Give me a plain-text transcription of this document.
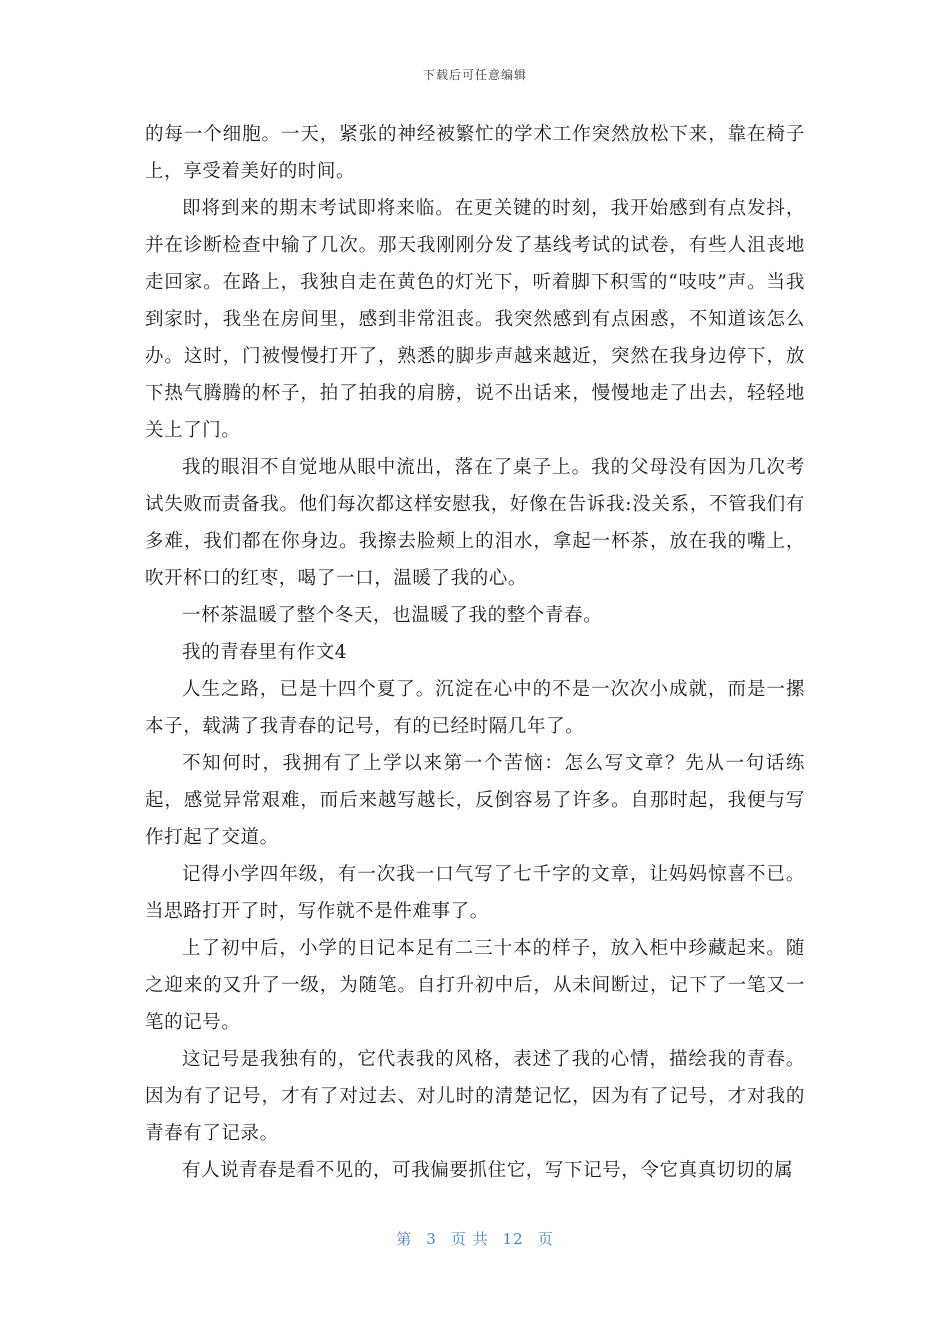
下载后可任意编辑

的每一个细胞。一天，紧张的神经被繁忙的学术工作突然放松下来，靠在椅子上，享受着美好的时间。

即将到来的期末考试即将来临。在更关键的时刻，我开始感到有点发抖，并在诊断检查中输了几次。那天我刚刚分发了基线考试的试卷，有些人沮丧地走回家。在路上，我独自走在黄色的灯光下，听着脚下积雪的“吱吱”声。当我到家时，我坐在房间里，感到非常沮丧。我突然感到有点困惑，不知道该怎么办。这时，门被慢慢打开了，熟悉的脚步声越来越近，突然在我身边停下，放下热气腾腾的杯子，拍了拍我的肩膀，说不出话来，慢慢地走了出去，轻轻地关上了门。

我的眼泪不自觉地从眼中流出，落在了桌子上。我的父母没有因为几次考试失败而责备我。他们每次都这样安慰我，好像在告诉我:没关系，不管我们有多难，我们都在你身边。我擦去脸颊上的泪水，拿起一杯茶，放在我的嘴上，吹开杯口的红枣，喝了一口，温暖了我的心。

一杯茶温暖了整个冬天，也温暖了我的整个青春。

我的青春里有作文4

人生之路，已是十四个夏了。沉淀在心中的不是一次次小成就，而是一摞本子，载满了我青春的记号，有的已经时隔几年了。

不知何时，我拥有了上学以来第一个苦恼：怎么写文章？先从一句话练起，感觉异常艰难，而后来越写越长，反倒容易了许多。自那时起，我便与写作打起了交道。

记得小学四年级，有一次我一口气写了七千字的文章，让妈妈惊喜不已。当思路打开了时，写作就不是件难事了。

上了初中后，小学的日记本足有二三十本的样子，放入柜中珍藏起来。随之迎来的又升了一级，为随笔。自打升初中后，从未间断过，记下了一笔又一笔的记号。

这记号是我独有的，它代表我的风格，表述了我的心情，描绘我的青春。因为有了记号，才有了对过去、对儿时的清楚记忆，因为有了记号，才对我的青春有了记录。

有人说青春是看不见的，可我偏要抓住它，写下记号，令它真真切切的属

第 3 页 共 12 页
